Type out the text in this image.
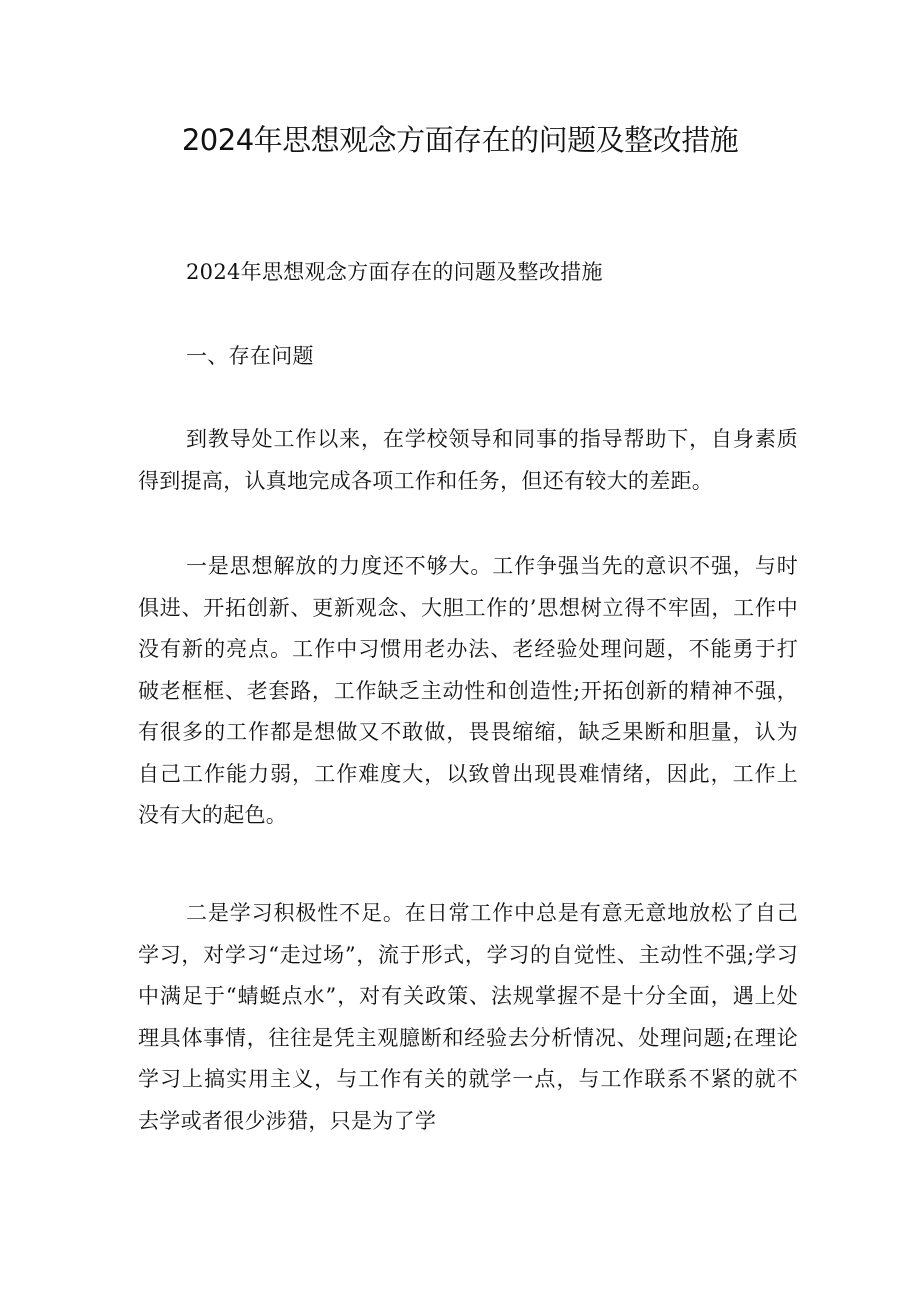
2024年思想观念方面存在的问题及整改措施

2024年思想观念方面存在的问题及整改措施

一、存在问题

到教导处工作以来，在学校领导和同事的指导帮助下，自身素质得到提高，认真地完成各项工作和任务，但还有较大的差距。

一是思想解放的力度还不够大。工作争强当先的意识不强，与时俱进、开拓创新、更新观念、大胆工作的’思想树立得不牢固，工作中没有新的亮点。工作中习惯用老办法、老经验处理问题，不能勇于打破老框框、老套路，工作缺乏主动性和创造性;开拓创新的精神不强，有很多的工作都是想做又不敢做，畏畏缩缩，缺乏果断和胆量，认为自己工作能力弱，工作难度大，以致曾出现畏难情绪，因此，工作上没有大的起色。

二是学习积极性不足。在日常工作中总是有意无意地放松了自己学习，对学习“走过场”，流于形式，学习的自觉性、主动性不强;学习中满足于“蜻蜓点水”，对有关政策、法规掌握不是十分全面，遇上处理具体事情，往往是凭主观臆断和经验去分析情况、处理问题;在理论学习上搞实用主义，与工作有关的就学一点，与工作联系不紧的就不去学或者很少涉猎，只是为了学
